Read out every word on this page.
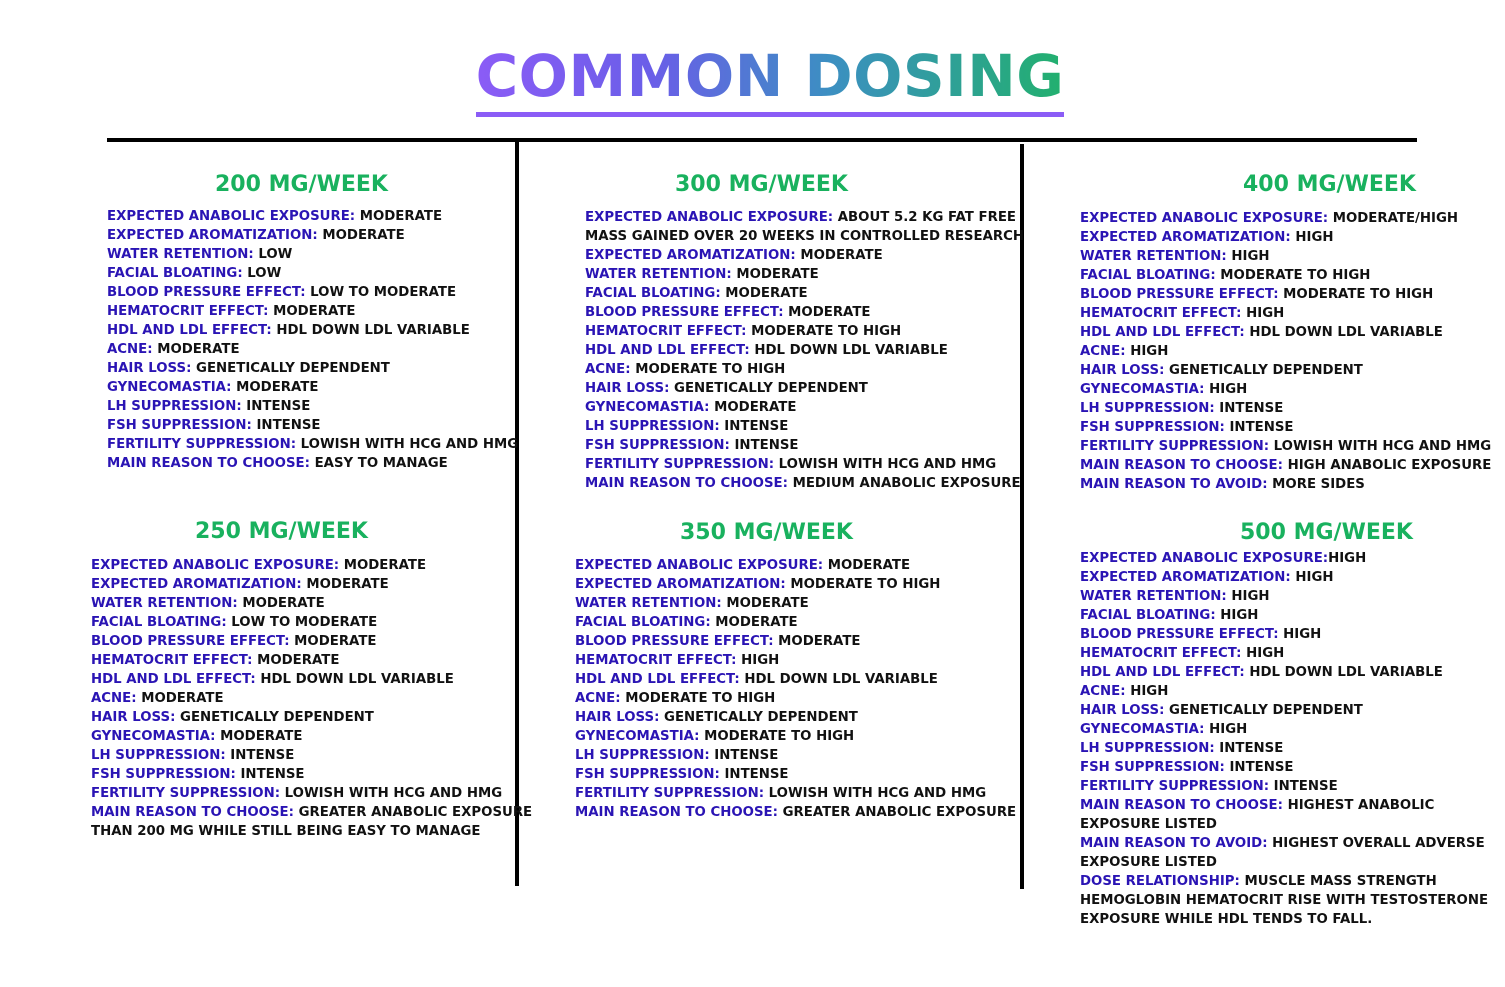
COMMON DOSING
200 MG/WEEK
EXPECTED ANABOLIC EXPOSURE: MODERATE
EXPECTED AROMATIZATION: MODERATE
WATER RETENTION: LOW
FACIAL BLOATING: LOW
BLOOD PRESSURE EFFECT: LOW TO MODERATE
HEMATOCRIT EFFECT: MODERATE
HDL AND LDL EFFECT: HDL DOWN LDL VARIABLE
ACNE: MODERATE
HAIR LOSS: GENETICALLY DEPENDENT
GYNECOMASTIA: MODERATE
LH SUPPRESSION: INTENSE
FSH SUPPRESSION: INTENSE
FERTILITY SUPPRESSION: LOWISH WITH HCG AND HMG
MAIN REASON TO CHOOSE: EASY TO MANAGE
250 MG/WEEK
EXPECTED ANABOLIC EXPOSURE: MODERATE
EXPECTED AROMATIZATION: MODERATE
WATER RETENTION: MODERATE
FACIAL BLOATING: LOW TO MODERATE
BLOOD PRESSURE EFFECT: MODERATE
HEMATOCRIT EFFECT: MODERATE
HDL AND LDL EFFECT: HDL DOWN LDL VARIABLE
ACNE: MODERATE
HAIR LOSS: GENETICALLY DEPENDENT
GYNECOMASTIA: MODERATE
LH SUPPRESSION: INTENSE
FSH SUPPRESSION: INTENSE
FERTILITY SUPPRESSION: LOWISH WITH HCG AND HMG
MAIN REASON TO CHOOSE: GREATER ANABOLIC EXPOSURE
THAN 200 MG WHILE STILL BEING EASY TO MANAGE
300 MG/WEEK
EXPECTED ANABOLIC EXPOSURE: ABOUT 5.2 KG FAT FREE
MASS GAINED OVER 20 WEEKS IN CONTROLLED RESEARCH
EXPECTED AROMATIZATION: MODERATE
WATER RETENTION: MODERATE
FACIAL BLOATING: MODERATE
BLOOD PRESSURE EFFECT: MODERATE
HEMATOCRIT EFFECT: MODERATE TO HIGH
HDL AND LDL EFFECT: HDL DOWN LDL VARIABLE
ACNE: MODERATE TO HIGH
HAIR LOSS: GENETICALLY DEPENDENT
GYNECOMASTIA: MODERATE
LH SUPPRESSION: INTENSE
FSH SUPPRESSION: INTENSE
FERTILITY SUPPRESSION: LOWISH WITH HCG AND HMG
MAIN REASON TO CHOOSE: MEDIUM ANABOLIC EXPOSURE
350 MG/WEEK
EXPECTED ANABOLIC EXPOSURE: MODERATE
EXPECTED AROMATIZATION: MODERATE TO HIGH
WATER RETENTION: MODERATE
FACIAL BLOATING: MODERATE
BLOOD PRESSURE EFFECT: MODERATE
HEMATOCRIT EFFECT: HIGH
HDL AND LDL EFFECT: HDL DOWN LDL VARIABLE
ACNE: MODERATE TO HIGH
HAIR LOSS: GENETICALLY DEPENDENT
GYNECOMASTIA: MODERATE TO HIGH
LH SUPPRESSION: INTENSE
FSH SUPPRESSION: INTENSE
FERTILITY SUPPRESSION: LOWISH WITH HCG AND HMG
MAIN REASON TO CHOOSE: GREATER ANABOLIC EXPOSURE
400 MG/WEEK
EXPECTED ANABOLIC EXPOSURE: MODERATE/HIGH
EXPECTED AROMATIZATION: HIGH
WATER RETENTION: HIGH
FACIAL BLOATING: MODERATE TO HIGH
BLOOD PRESSURE EFFECT: MODERATE TO HIGH
HEMATOCRIT EFFECT: HIGH
HDL AND LDL EFFECT: HDL DOWN LDL VARIABLE
ACNE: HIGH
HAIR LOSS: GENETICALLY DEPENDENT
GYNECOMASTIA: HIGH
LH SUPPRESSION: INTENSE
FSH SUPPRESSION: INTENSE
FERTILITY SUPPRESSION: LOWISH WITH HCG AND HMG
MAIN REASON TO CHOOSE: HIGH ANABOLIC EXPOSURE
MAIN REASON TO AVOID: MORE SIDES
500 MG/WEEK
EXPECTED ANABOLIC EXPOSURE:HIGH
EXPECTED AROMATIZATION: HIGH
WATER RETENTION: HIGH
FACIAL BLOATING: HIGH
BLOOD PRESSURE EFFECT: HIGH
HEMATOCRIT EFFECT: HIGH
HDL AND LDL EFFECT: HDL DOWN LDL VARIABLE
ACNE: HIGH
HAIR LOSS: GENETICALLY DEPENDENT
GYNECOMASTIA: HIGH
LH SUPPRESSION: INTENSE
FSH SUPPRESSION: INTENSE
FERTILITY SUPPRESSION: INTENSE
MAIN REASON TO CHOOSE: HIGHEST ANABOLIC
EXPOSURE LISTED
MAIN REASON TO AVOID: HIGHEST OVERALL ADVERSE
EXPOSURE LISTED
DOSE RELATIONSHIP: MUSCLE MASS STRENGTH
HEMOGLOBIN HEMATOCRIT RISE WITH TESTOSTERONE
EXPOSURE WHILE HDL TENDS TO FALL.
